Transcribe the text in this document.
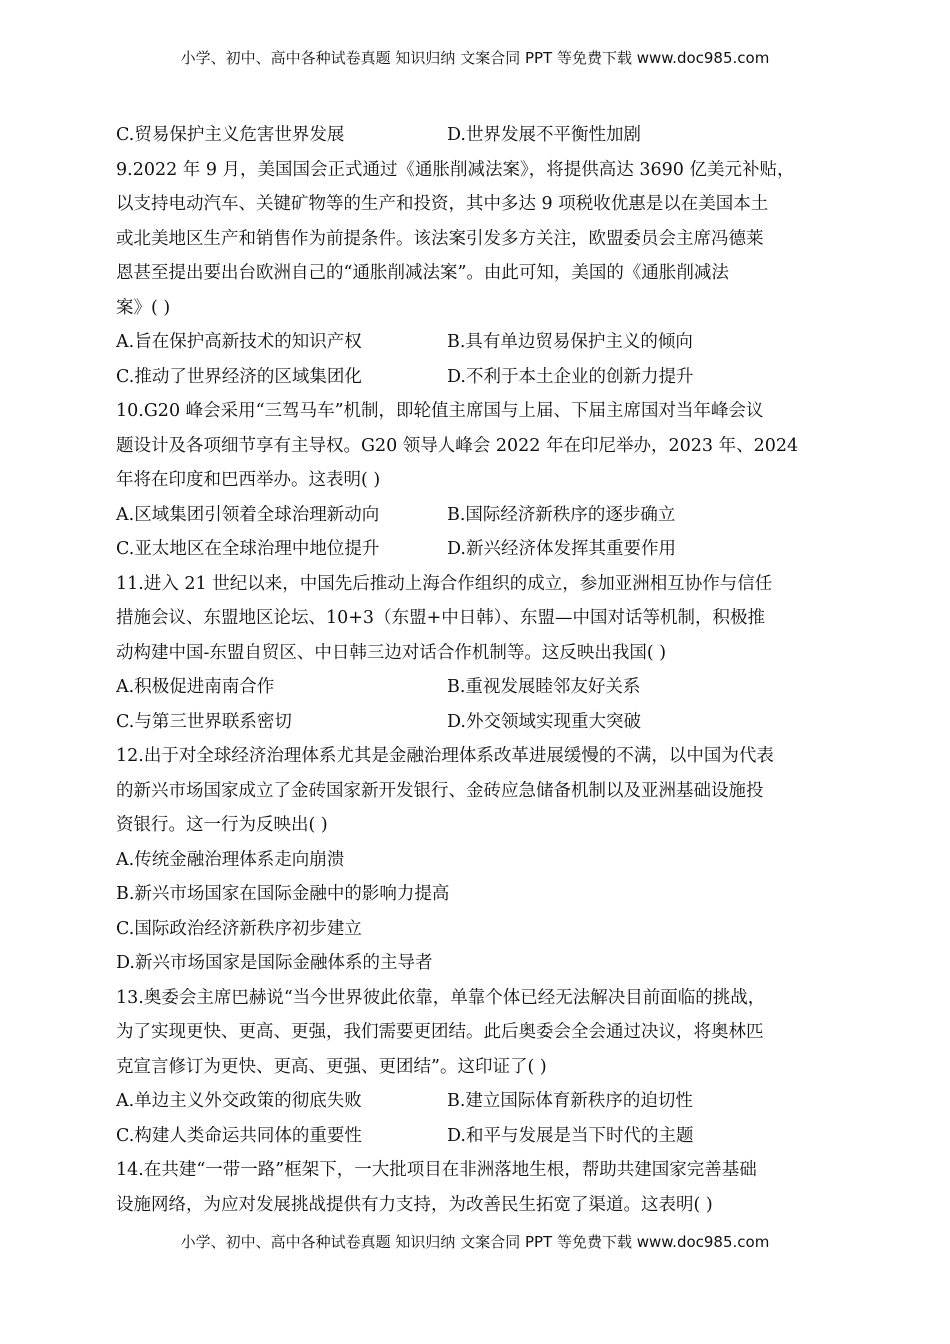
小学、初中、高中各种试卷真题 知识归纳 文案合同 PPT 等免费下载 www.doc985.com
C.贸易保护主义危害世界发展	D.世界发展不平衡性加剧
9.2022 年 9 月，美国国会正式通过《通胀削减法案》，将提供高达 3690 亿美元补贴，
以支持电动汽车、关键矿物等的生产和投资，其中多达 9 项税收优惠是以在美国本土
或北美地区生产和销售作为前提条件。该法案引发多方关注，欧盟委员会主席冯德莱
恩甚至提出要出台欧洲自己的“通胀削减法案”。由此可知，美国的《通胀削减法
案》( )
A.旨在保护高新技术的知识产权	B.具有单边贸易保护主义的倾向
C.推动了世界经济的区域集团化	D.不利于本土企业的创新力提升
10.G20 峰会采用“三驾马车”机制，即轮值主席国与上届、下届主席国对当年峰会议
题设计及各项细节享有主导权。G20 领导人峰会 2022 年在印尼举办，2023 年、2024
年将在印度和巴西举办。这表明( )
A.区域集团引领着全球治理新动向	B.国际经济新秩序的逐步确立
C.亚太地区在全球治理中地位提升	D.新兴经济体发挥其重要作用
11.进入 21 世纪以来，中国先后推动上海合作组织的成立，参加亚洲相互协作与信任
措施会议、东盟地区论坛、10+3（东盟+中日韩）、东盟—中国对话等机制，积极推
动构建中国-东盟自贸区、中日韩三边对话合作机制等。这反映出我国( )
A.积极促进南南合作	B.重视发展睦邻友好关系
C.与第三世界联系密切	D.外交领域实现重大突破
12.出于对全球经济治理体系尤其是金融治理体系改革进展缓慢的不满，以中国为代表
的新兴市场国家成立了金砖国家新开发银行、金砖应急储备机制以及亚洲基础设施投
资银行。这一行为反映出( )
A.传统金融治理体系走向崩溃
B.新兴市场国家在国际金融中的影响力提高
C.国际政治经济新秩序初步建立
D.新兴市场国家是国际金融体系的主导者
13.奥委会主席巴赫说“当今世界彼此依靠，单靠个体已经无法解决目前面临的挑战，
为了实现更快、更高、更强，我们需要更团结。此后奥委会全会通过决议，将奥林匹
克宣言修订为更快、更高、更强、更团结”。这印证了( )
A.单边主义外交政策的彻底失败	B.建立国际体育新秩序的迫切性
C.构建人类命运共同体的重要性	D.和平与发展是当下时代的主题
14.在共建“一带一路”框架下，一大批项目在非洲落地生根，帮助共建国家完善基础
设施网络，为应对发展挑战提供有力支持，为改善民生拓宽了渠道。这表明( )
小学、初中、高中各种试卷真题 知识归纳 文案合同 PPT 等免费下载 www.doc985.com
